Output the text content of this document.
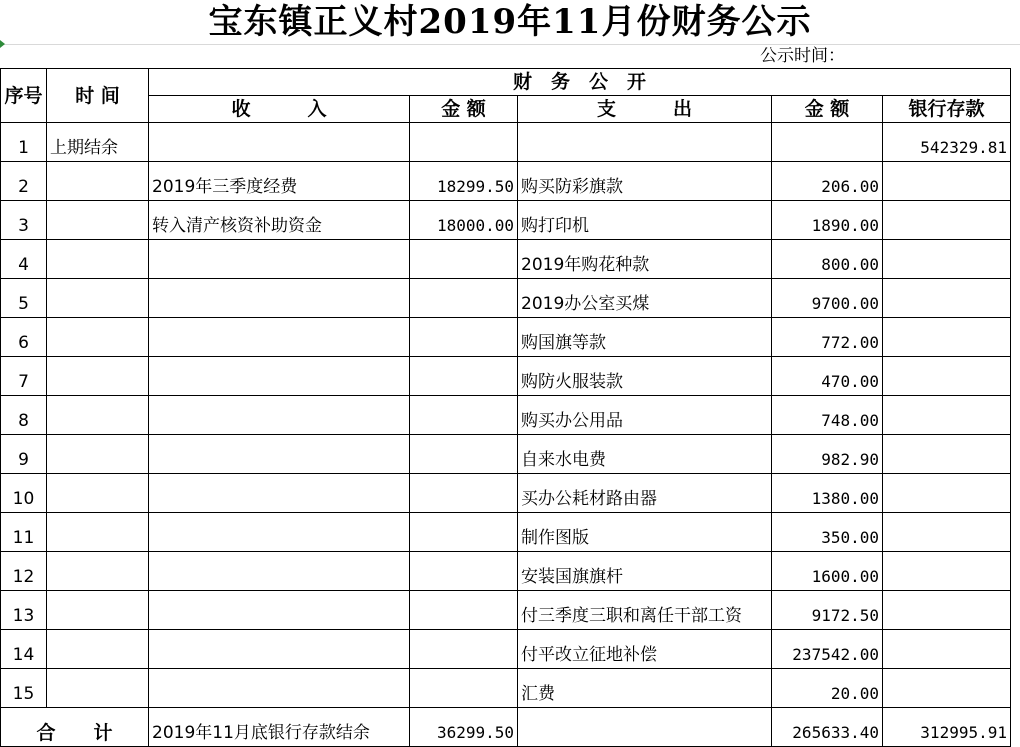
宝东镇正义村2019年11月份财务公示
公示时间：
序号	时 间	财　务　公　开				
		收　　　入	金 额	支　　　出	金 额	银行存款
1	上期结余					542329.81
2		2019年三季度经费	18299.50	购买防彩旗款	206.00	
3		转入清产核资补助资金	18000.00	购打印机	1890.00	
4				2019年购花种款	800.00	
5				2019办公室买煤	9700.00	
6				购国旗等款	772.00	
7				购防火服装款	470.00	
8				购买办公用品	748.00	
9				自来水电费	982.90	
10				买办公耗材路由器	1380.00	
11				制作图版	350.00	
12				安装国旗旗杆	1600.00	
13				付三季度三职和离任干部工资	9172.50	
14				付平改立征地补偿	237542.00	
15				汇费	20.00	
合　　计		2019年11月底银行存款结余	36299.50		265633.40	312995.91
